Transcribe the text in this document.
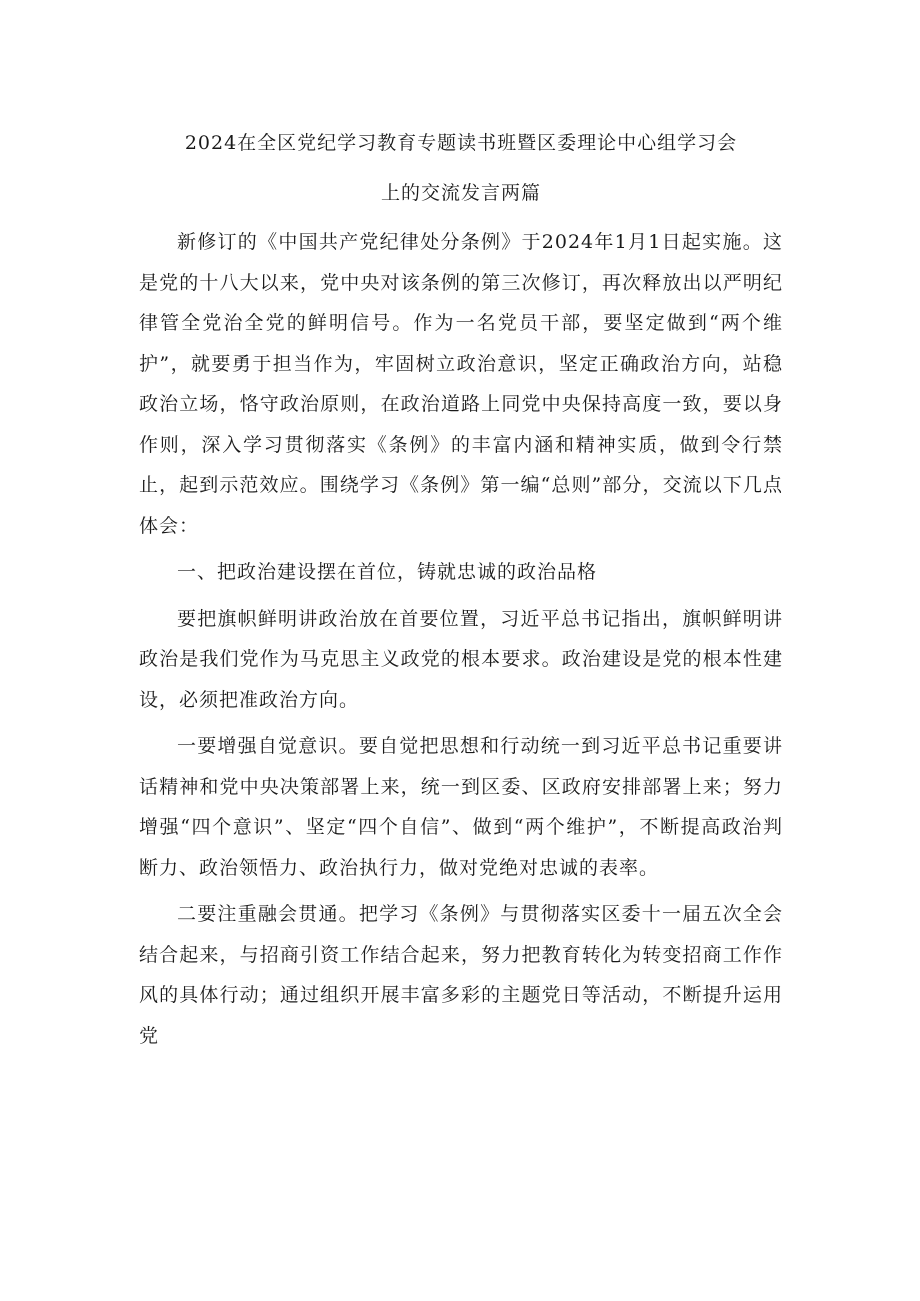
2024在全区党纪学习教育专题读书班暨区委理论中心组学习会
上的交流发言两篇

新修订的《中国共产党纪律处分条例》于2024年1月1日起实施。这是党的十八大以来，党中央对该条例的第三次修订，再次释放出以严明纪律管全党治全党的鲜明信号。作为一名党员干部，要坚定做到“两个维护”，就要勇于担当作为，牢固树立政治意识，坚定正确政治方向，站稳政治立场，恪守政治原则，在政治道路上同党中央保持高度一致，要以身作则，深入学习贯彻落实《条例》的丰富内涵和精神实质，做到令行禁止，起到示范效应。围绕学习《条例》第一编“总则”部分，交流以下几点体会：

一、把政治建设摆在首位，铸就忠诚的政治品格

要把旗帜鲜明讲政治放在首要位置，习近平总书记指出，旗帜鲜明讲政治是我们党作为马克思主义政党的根本要求。政治建设是党的根本性建设，必须把准政治方向。

一要增强自觉意识。要自觉把思想和行动统一到习近平总书记重要讲话精神和党中央决策部署上来，统一到区委、区政府安排部署上来；努力增强“四个意识”、坚定“四个自信”、做到“两个维护”，不断提高政治判断力、政治领悟力、政治执行力，做对党绝对忠诚的表率。

二要注重融会贯通。把学习《条例》与贯彻落实区委十一届五次全会结合起来，与招商引资工作结合起来，努力把教育转化为转变招商工作作风的具体行动；通过组织开展丰富多彩的主题党日等活动，不断提升运用党
